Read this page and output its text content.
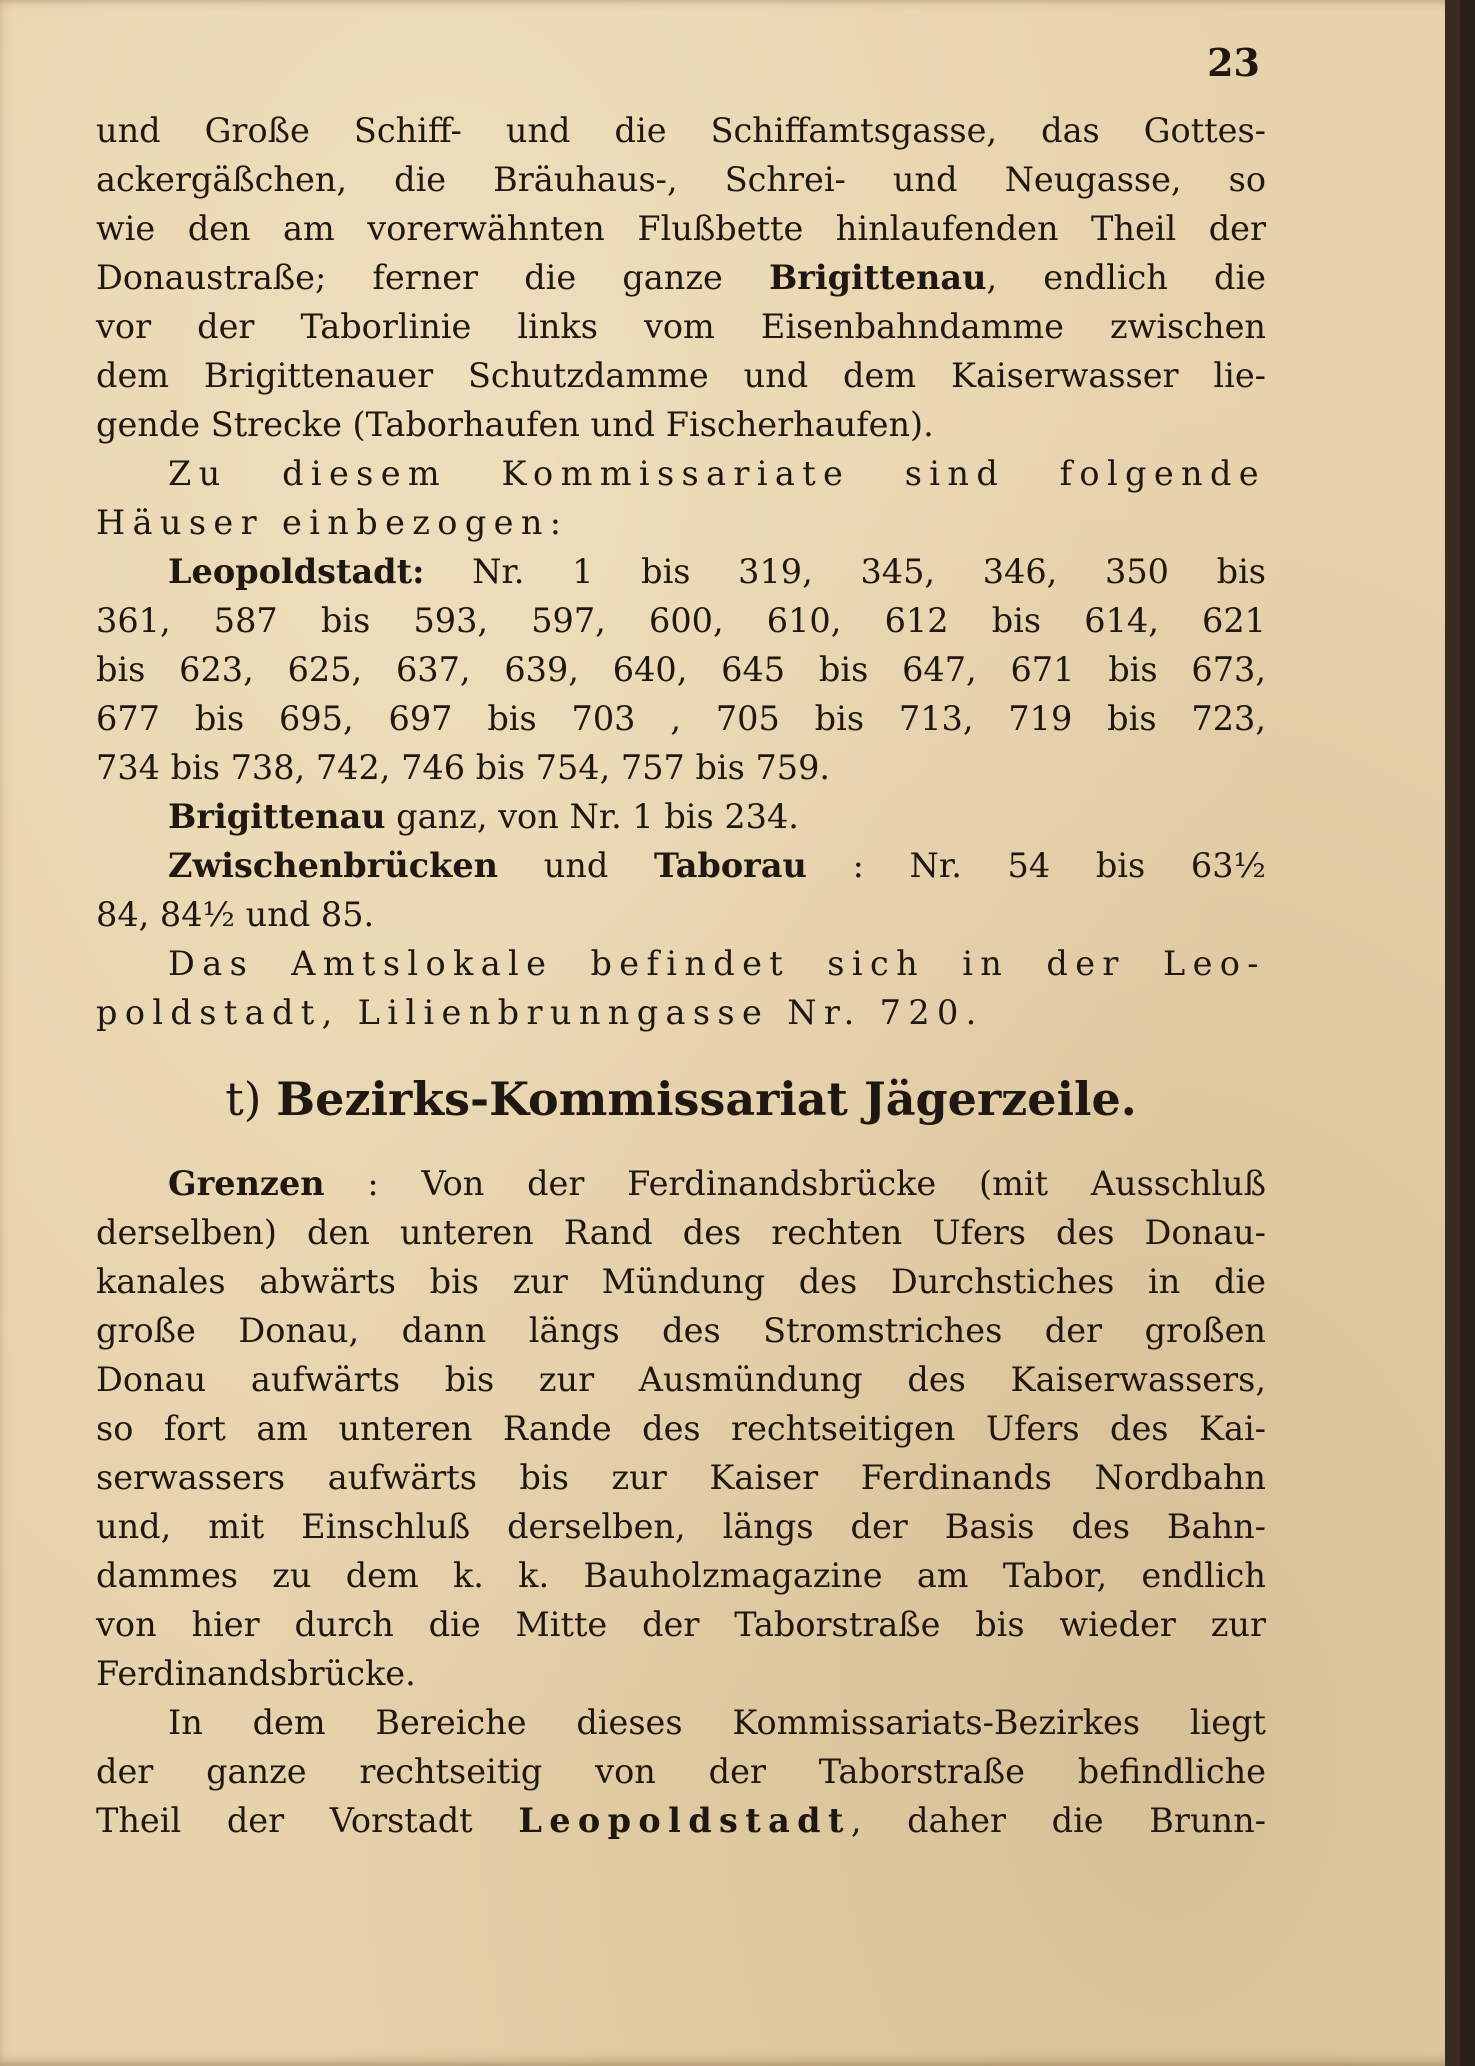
23
und Große Schiff- und die Schiffamtsgasse, das Gottes-
ackergäßchen, die Bräuhaus-, Schrei- und Neugasse, so
wie den am vorerwähnten Flußbette hinlaufenden Theil der
Donaustraße; ferner die ganze Brigittenau, endlich die
vor der Taborlinie links vom Eisenbahndamme zwischen
dem Brigittenauer Schutzdamme und dem Kaiserwasser lie-
gende Strecke (Taborhaufen und Fischerhaufen).
Zu diesem Kommissariate sind folgende
Häuser einbezogen:
Leopoldstadt: Nr. 1 bis 319, 345, 346, 350 bis
361, 587 bis 593, 597, 600, 610, 612 bis 614, 621
bis 623, 625, 637, 639, 640, 645 bis 647, 671 bis 673,
677 bis 695, 697 bis 703 , 705 bis 713, 719 bis 723,
734 bis 738, 742, 746 bis 754, 757 bis 759.
Brigittenau ganz, von Nr. 1 bis 234.
Zwischenbrücken und Taborau : Nr. 54 bis 63½
84, 84½ und 85.
Das Amtslokale befindet sich in der Leo-
poldstadt, Lilienbrunngasse Nr. 720.
t) Bezirks-Kommissariat Jägerzeile.
Grenzen : Von der Ferdinandsbrücke (mit Ausschluß
derselben) den unteren Rand des rechten Ufers des Donau-
kanales abwärts bis zur Mündung des Durchstiches in die
große Donau, dann längs des Stromstriches der großen
Donau aufwärts bis zur Ausmündung des Kaiserwassers,
so fort am unteren Rande des rechtseitigen Ufers des Kai-
serwassers aufwärts bis zur Kaiser Ferdinands Nordbahn
und, mit Einschluß derselben, längs der Basis des Bahn-
dammes zu dem k. k. Bauholzmagazine am Tabor, endlich
von hier durch die Mitte der Taborstraße bis wieder zur
Ferdinandsbrücke.
In dem Bereiche dieses Kommissariats-Bezirkes liegt
der ganze rechtseitig von der Taborstraße befindliche
Theil der Vorstadt Leopoldstadt, daher die Brunn-
